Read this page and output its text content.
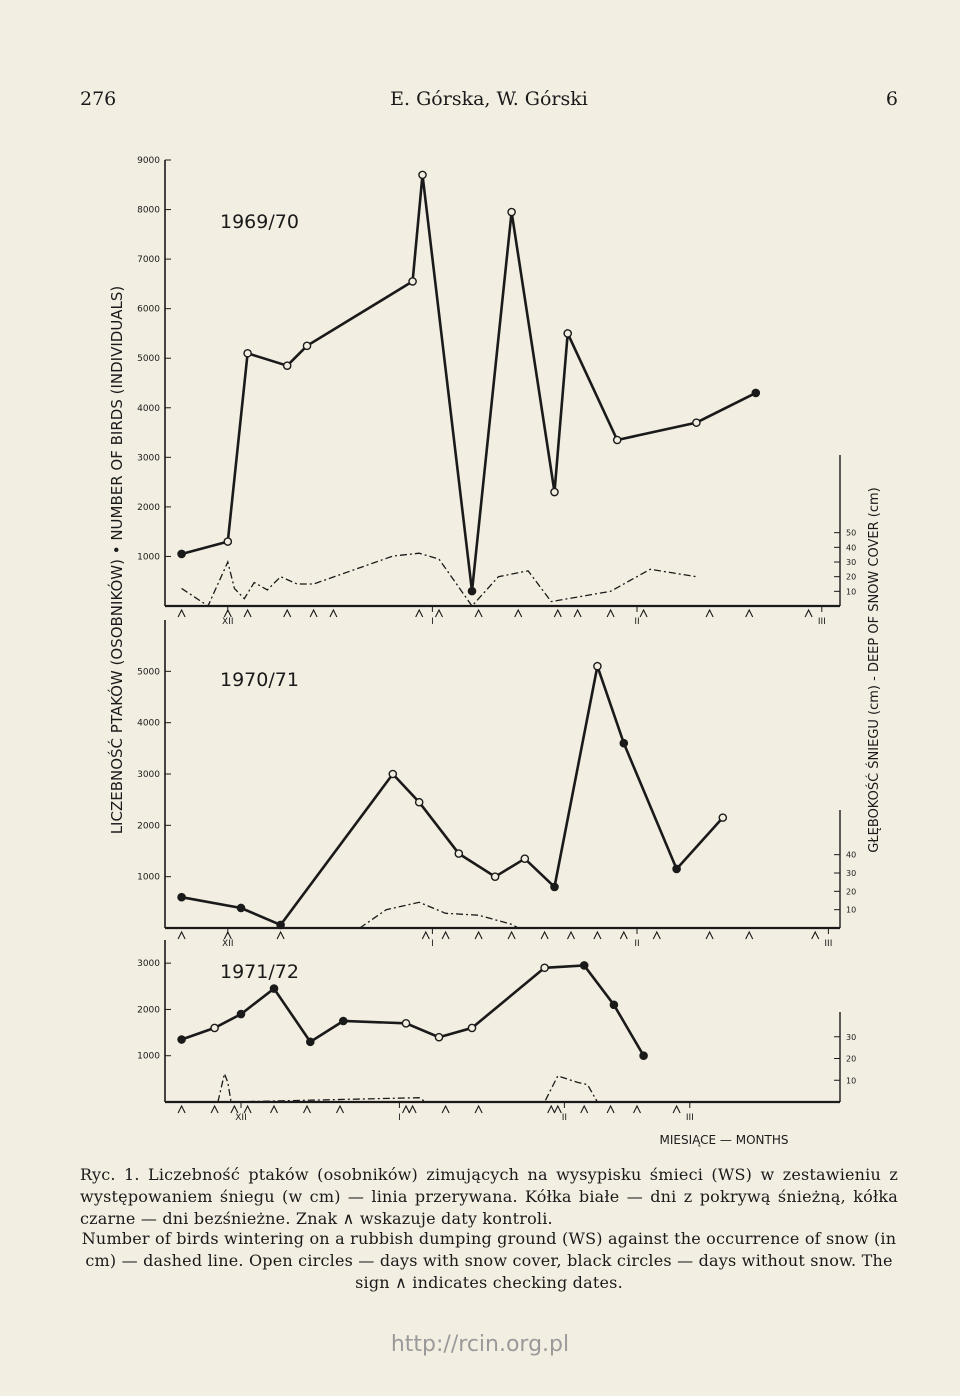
276	E. Górska, W. Górski	6
LICZEBNOŚĆ PTAKÓW (OSOBNIKÓW) • NUMBER OF BIRDS (INDIVIDUALS)	GŁĘBOKOŚĆ ŚNIEGU (cm) - DEEP OF SNOW COVER (cm)
MIESIĄCE — MONTHS
1000
2000
3000
4000
5000
6000
7000
8000
9000
10
20
30
40
50
1969/70
XII	I	II	III
1000
2000
3000
4000
5000
10
20
30
40
1970/71
XII	I	II	III
1000
2000
3000
10
20
30
1971/72
XII	I	II	III
Ryc. 1. Liczebność ptaków (osobników) zimujących na wysypisku śmieci (WS) w zestawieniu z występowaniem śniegu (w cm) — linia przerywana. Kółka białe — dni z pokrywą śnieżną, kółka czarne — dni bezśnieżne. Znak ∧ wskazuje daty kontroli.
Number of birds wintering on a rubbish dumping ground (WS) against the occurrence of snow (in cm) — dashed line. Open circles — days with snow cover, black circles — days without snow. The sign ∧ indicates checking dates.
http://rcin.org.pl
